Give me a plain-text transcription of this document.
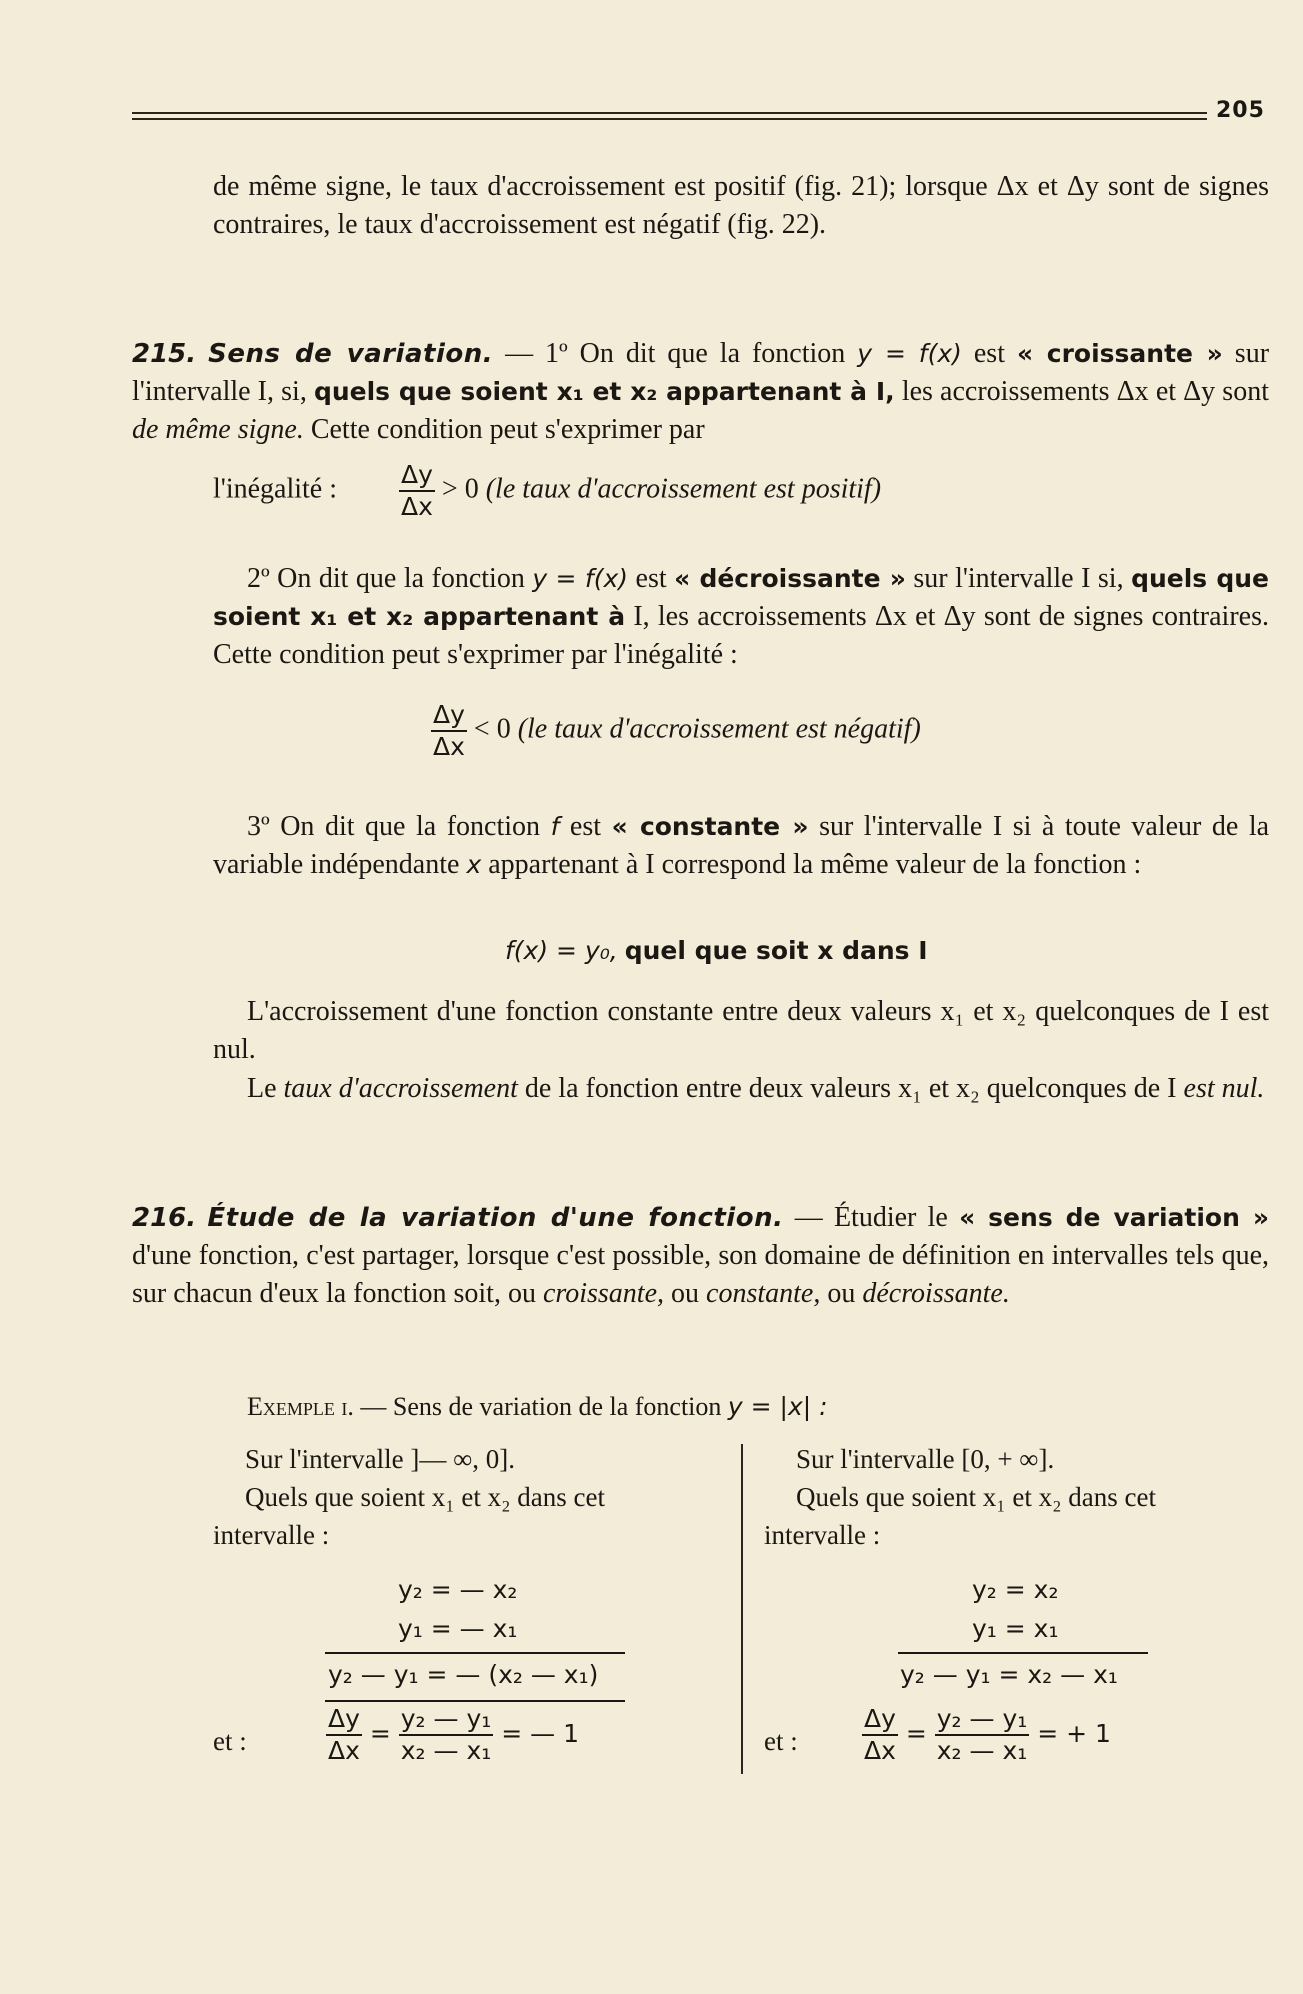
205
de même signe, le taux d'accroissement est positif (fig. 21); lorsque Δx et Δy sont de signes contraires, le taux d'accroissement est négatif (fig. 22).
215. Sens de variation. — 1º On dit que la fonction y = f(x) est « croissante » sur l'intervalle I, si, quels que soient x₁ et x₂ appartenant à I, les accroissements Δx et Δy sont de même signe. Cette condition peut s'exprimer par
l'inégalité : $\frac{\Delta y}{\Delta x} > 0$ (le taux d'accroissement est positif)
2º On dit que la fonction y = f(x) est « décroissante » sur l'intervalle I si, quels que soient x₁ et x₂ appartenant à I, les accroissements Δx et Δy sont de signes contraires. Cette condition peut s'exprimer par l'inégalité :
$\frac{\Delta y}{\Delta x} < 0$ (le taux d'accroissement est négatif)
3º On dit que la fonction f est « constante » sur l'intervalle I si à toute valeur de la variable indépendante x appartenant à I correspond la même valeur de la fonction :
f(x) = y₀, quel que soit x dans I
L'accroissement d'une fonction constante entre deux valeurs x₁ et x₂ quelconques de I est nul.
Le taux d'accroissement de la fonction entre deux valeurs x₁ et x₂ quelconques de I est nul.
216. Étude de la variation d'une fonction. — Étudier le « sens de variation » d'une fonction, c'est partager, lorsque c'est possible, son domaine de définition en intervalles tels que, sur chacun d'eux la fonction soit, ou croissante, ou constante, ou décroissante.
Exemple i. — Sens de variation de la fonction y = |x| :
Sur l'intervalle ]— ∞, 0].
Quels que soient x₁ et x₂ dans cet
intervalle :
y₂ = — x₂
y₁ = — x₁
y₂ — y₁ = — (x₂ — x₁)
et :	$\frac{\Delta y}{\Delta x} = \frac{\text{y₂ — y₁}}{\text{x₂ — x₁}}$ = — 1
Sur l'intervalle [0, + ∞].
Quels que soient x₁ et x₂ dans cet
intervalle :
y₂ = x₂
y₁ = x₁
y₂ — y₁ = x₂ — x₁
et :	$\frac{\Delta y}{\Delta x} = \frac{\text{y₂ — y₁}}{\text{x₂ — x₁}}$ = + 1
